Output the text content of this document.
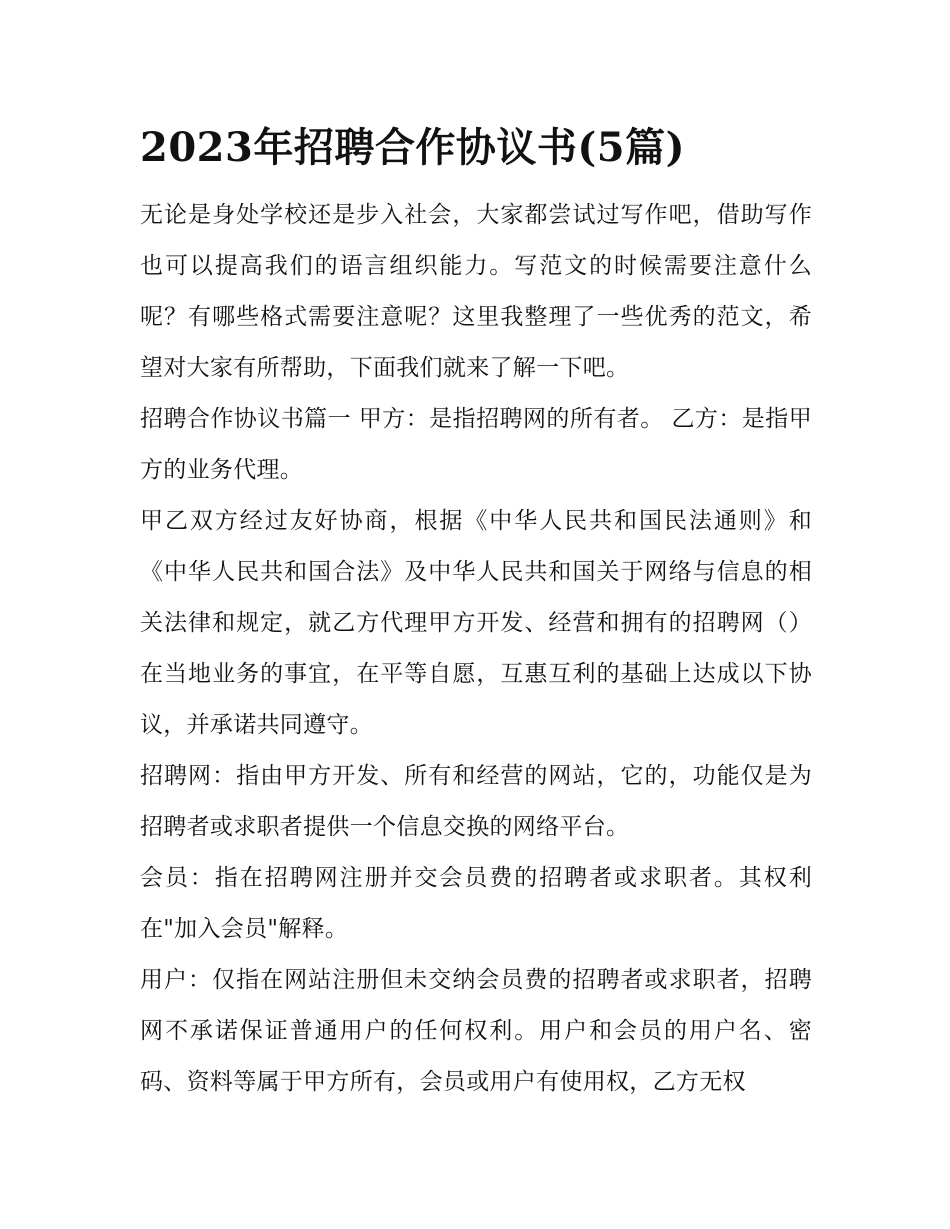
2023年招聘合作协议书(5篇)

无论是身处学校还是步入社会，大家都尝试过写作吧，借助写作也可以提高我们的语言组织能力。写范文的时候需要注意什么呢？有哪些格式需要注意呢？这里我整理了一些优秀的范文，希望对大家有所帮助，下面我们就来了解一下吧。

招聘合作协议书篇一 甲方：是指招聘网的所有者。 乙方：是指甲方的业务代理。

甲乙双方经过友好协商，根据《中华人民共和国民法通则》和《中华人民共和国合法》及中华人民共和国关于网络与信息的相关法律和规定，就乙方代理甲方开发、经营和拥有的招聘网（）在当地业务的事宜，在平等自愿，互惠互利的基础上达成以下协议，并承诺共同遵守。

招聘网：指由甲方开发、所有和经营的网站，它的，功能仅是为招聘者或求职者提供一个信息交换的网络平台。

会员：指在招聘网注册并交会员费的招聘者或求职者。其权利在"加入会员"解释。

用户：仅指在网站注册但未交纳会员费的招聘者或求职者，招聘网不承诺保证普通用户的任何权利。用户和会员的用户名、密码、资料等属于甲方所有，会员或用户有使用权，乙方无权
